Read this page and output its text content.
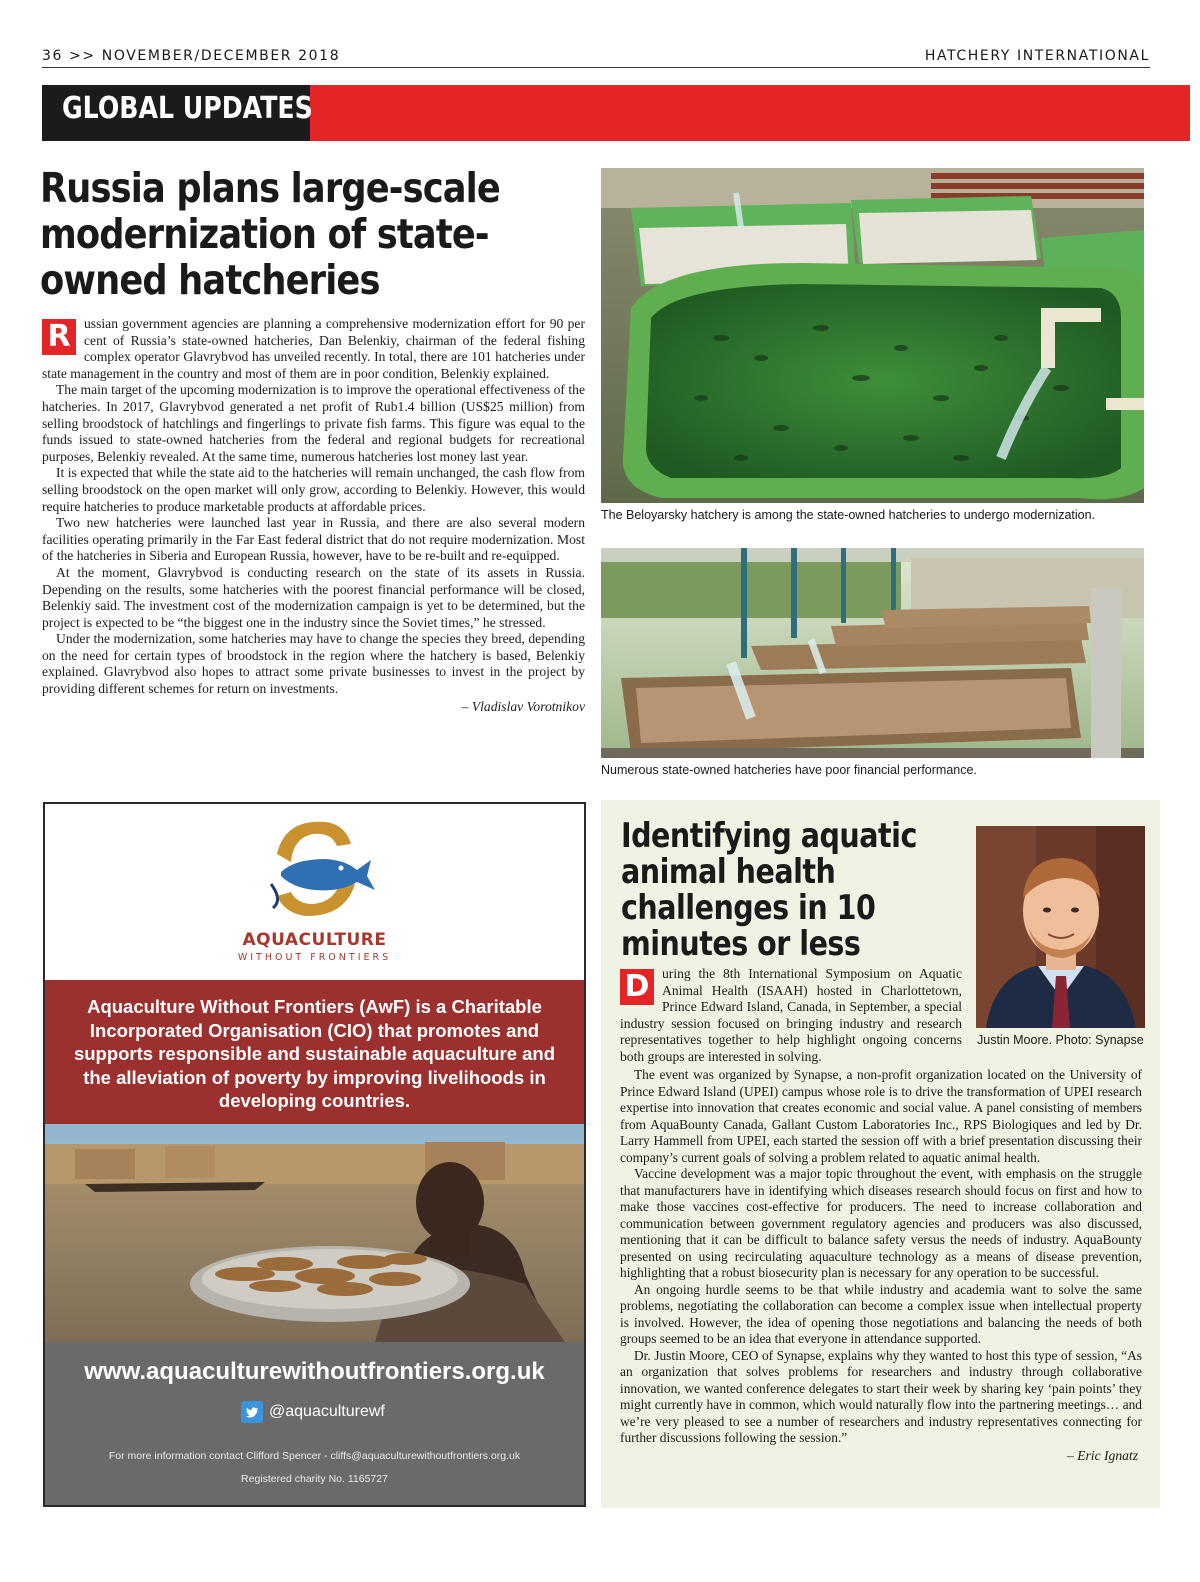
36 >> NOVEMBER/DECEMBER 2018	HATCHERY INTERNATIONAL
GLOBAL UPDATES
Russia plans large-scale modernization of state-owned hatcheries

R ussian government agencies are planning a comprehensive modernization effort for 90 per cent of Russia’s state-owned hatcheries, Dan Belenkiy, chairman of the federal fishing complex operator Glavrybvod has unveiled recently. In total, there are 101 hatcheries under state management in the country and most of them are in poor condition, Belenkiy explained.

The main target of the upcoming modernization is to improve the operational effectiveness of the hatcheries. In 2017, Glavrybvod generated a net profit of Rub1.4 billion (US$25 million) from selling broodstock of hatchlings and fingerlings to private fish farms. This figure was equal to the funds issued to state-owned hatcheries from the federal and regional budgets for recreational purposes, Belenkiy revealed. At the same time, numerous hatcheries lost money last year.

It is expected that while the state aid to the hatcheries will remain unchanged, the cash flow from selling broodstock on the open market will only grow, according to Belenkiy. However, this would require hatcheries to produce marketable products at affordable prices.

Two new hatcheries were launched last year in Russia, and there are also several modern facilities operating primarily in the Far East federal district that do not require modernization. Most of the hatcheries in Siberia and European Russia, however, have to be re-built and re-equipped.

At the moment, Glavrybvod is conducting research on the state of its assets in Russia. Depending on the results, some hatcheries with the poorest financial performance will be closed, Belenkiy said. The investment cost of the modernization campaign is yet to be determined, but the project is expected to be “the biggest one in the industry since the Soviet times,” he stressed.

Under the modernization, some hatcheries may have to change the species they breed, depending on the need for certain types of broodstock in the region where the hatchery is based, Belenkiy explained. Glavrybvod also hopes to attract some private businesses to invest in the project by providing different schemes for return on investments.

– Vladislav Vorotnikov
The Beloyarsky hatchery is among the state-owned hatcheries to undergo modernization.
Numerous state-owned hatcheries have poor financial performance.
AQUACULTURE
WITHOUT FRONTIERS
Aquaculture Without Frontiers (AwF) is a Charitable Incorporated Organisation (CIO) that promotes and supports responsible and sustainable aquaculture and the alleviation of poverty by improving livelihoods in developing countries.
www.aquaculturewithoutfrontiers.org.uk
@aquaculturewf
For more information contact Clifford Spencer - cliffs@aquaculturewithoutfrontiers.org.uk
Registered charity No. 1165727
Identifying aquatic animal health challenges in 10 minutes or less
Justin Moore. Photo: Synapse

D uring the 8th International Symposium on Aquatic Animal Health (ISAAH) hosted in Charlottetown, Prince Edward Island, Canada, in September, a special industry session focused on bringing industry and research representatives together to help highlight ongoing concerns both groups are interested in solving.

The event was organized by Synapse, a non-profit organization located on the University of Prince Edward Island (UPEI) campus whose role is to drive the transformation of UPEI research expertise into innovation that creates economic and social value. A panel consisting of members from AquaBounty Canada, Gallant Custom Laboratories Inc., RPS Biologiques and led by Dr. Larry Hammell from UPEI, each started the session off with a brief presentation discussing their company’s current goals of solving a problem related to aquatic animal health.

Vaccine development was a major topic throughout the event, with emphasis on the struggle that manufacturers have in identifying which diseases research should focus on first and how to make those vaccines cost-effective for producers. The need to increase collaboration and communication between government regulatory agencies and producers was also discussed, mentioning that it can be difficult to balance safety versus the needs of industry. AquaBounty presented on using recirculating aquaculture technology as a means of disease prevention, highlighting that a robust biosecurity plan is necessary for any operation to be successful.

An ongoing hurdle seems to be that while industry and academia want to solve the same problems, negotiating the collaboration can become a complex issue when intellectual property is involved. However, the idea of opening those negotiations and balancing the needs of both groups seemed to be an idea that everyone in attendance supported.

Dr. Justin Moore, CEO of Synapse, explains why they wanted to host this type of session, “As an organization that solves problems for researchers and industry through collaborative innovation, we wanted conference delegates to start their week by sharing key ‘pain points’ they might currently have in common, which would naturally flow into the partnering meetings… and we’re very pleased to see a number of researchers and industry representatives connecting for further discussions following the session.”

– Eric Ignatz
